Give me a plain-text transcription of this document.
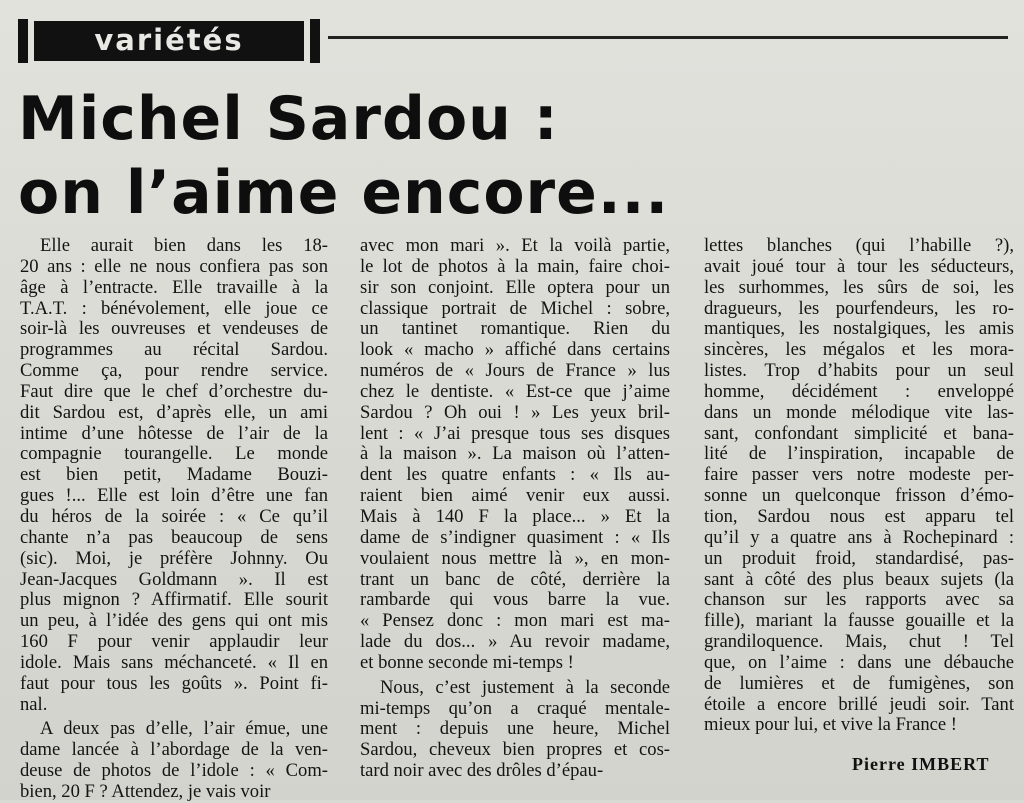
variétés
Michel Sardou :
on l’aime encore...
Elle aurait bien dans les 18-
20 ans : elle ne nous confiera pas son
âge à l’entracte. Elle travaille à la
T.A.T. : bénévolement, elle joue ce
soir-là les ouvreuses et vendeuses de
programmes au récital Sardou.
Comme ça, pour rendre service.
Faut dire que le chef d’orchestre du-
dit Sardou est, d’après elle, un ami
intime d’une hôtesse de l’air de la
compagnie tourangelle. Le monde
est bien petit, Madame Bouzi-
gues !... Elle est loin d’être une fan
du héros de la soirée : « Ce qu’il
chante n’a pas beaucoup de sens
(sic). Moi, je préfère Johnny. Ou
Jean-Jacques Goldmann ». Il est
plus mignon ? Affirmatif. Elle sourit
un peu, à l’idée des gens qui ont mis
160 F pour venir applaudir leur
idole. Mais sans méchanceté. « Il en
faut pour tous les goûts ». Point fi-
nal.
A deux pas d’elle, l’air émue, une
dame lancée à l’abordage de la ven-
deuse de photos de l’idole : « Com-
bien, 20 F ? Attendez, je vais voir
avec mon mari ». Et la voilà partie,
le lot de photos à la main, faire choi-
sir son conjoint. Elle optera pour un
classique portrait de Michel : sobre,
un tantinet romantique. Rien du
look « macho » affiché dans certains
numéros de « Jours de France » lus
chez le dentiste. « Est-ce que j’aime
Sardou ? Oh oui ! » Les yeux bril-
lent : « J’ai presque tous ses disques
à la maison ». La maison où l’atten-
dent les quatre enfants : « Ils au-
raient bien aimé venir eux aussi.
Mais à 140 F la place... » Et la
dame de s’indigner quasiment : « Ils
voulaient nous mettre là », en mon-
trant un banc de côté, derrière la
rambarde qui vous barre la vue.
« Pensez donc : mon mari est ma-
lade du dos... » Au revoir madame,
et bonne seconde mi-temps !
Nous, c’est justement à la seconde
mi-temps qu’on a craqué mentale-
ment : depuis une heure, Michel
Sardou, cheveux bien propres et cos-
tard noir avec des drôles d’épau-
lettes blanches (qui l’habille ?),
avait joué tour à tour les séducteurs,
les surhommes, les sûrs de soi, les
dragueurs, les pourfendeurs, les ro-
mantiques, les nostalgiques, les amis
sincères, les mégalos et les mora-
listes. Trop d’habits pour un seul
homme, décidément : enveloppé
dans un monde mélodique vite las-
sant, confondant simplicité et bana-
lité de l’inspiration, incapable de
faire passer vers notre modeste per-
sonne un quelconque frisson d’émo-
tion, Sardou nous est apparu tel
qu’il y a quatre ans à Rochepinard :
un produit froid, standardisé, pas-
sant à côté des plus beaux sujets (la
chanson sur les rapports avec sa
fille), mariant la fausse gouaille et la
grandiloquence. Mais, chut ! Tel
que, on l’aime : dans une débauche
de lumières et de fumigènes, son
étoile a encore brillé jeudi soir. Tant
mieux pour lui, et vive la France !
Pierre IMBERT
